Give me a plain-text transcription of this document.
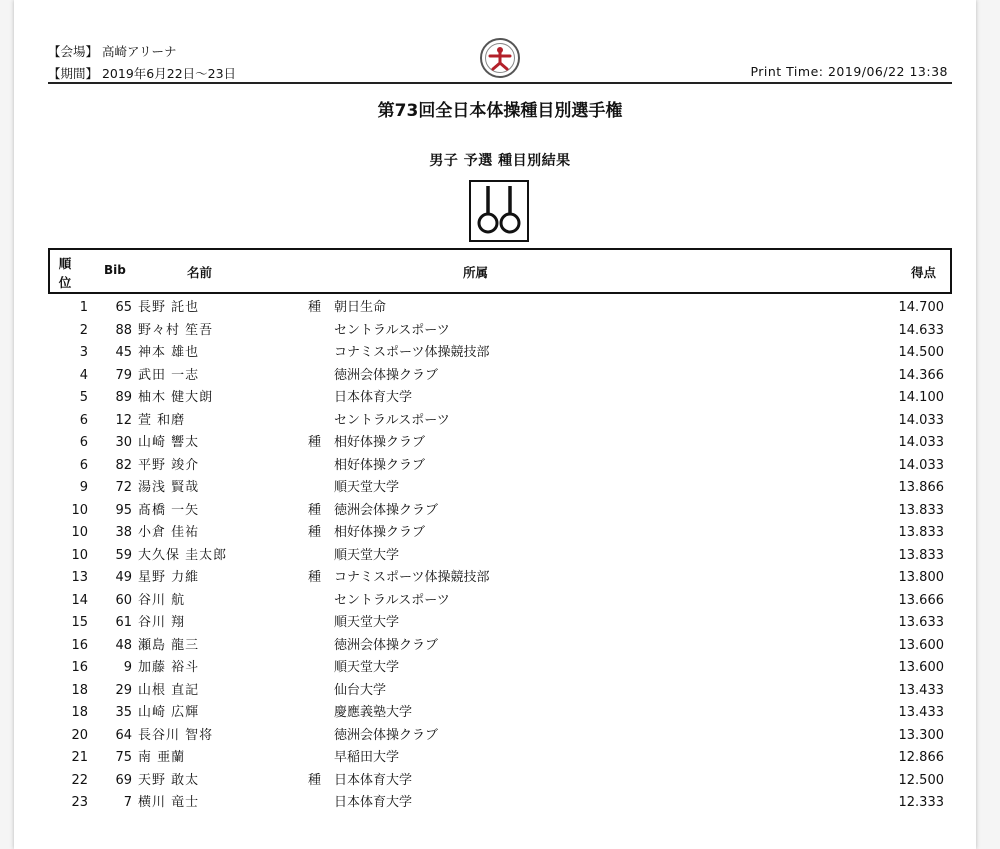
【会場】 高崎アリーナ
【期間】 2019年6月22日～23日	Print Time: 2019/06/22 13:38
第73回全日本体操種目別選手権
男子 予選 種目別結果
順位
Bib	名前	所属	得点
1	65 長野 託也	種 朝日生命	14.700
2	88 野々村 笙吾	セントラルスポーツ	14.633
3	45 神本 雄也	コナミスポーツ体操競技部	14.500
4	79 武田 一志	徳洲会体操クラブ	14.366
5	89 柚木 健大朗	日本体育大学	14.100
6	12 萱 和磨	セントラルスポーツ	14.033
6	30 山崎 響太	種 相好体操クラブ	14.033
6	82 平野 竣介	相好体操クラブ	14.033
9	72 湯浅 賢哉	順天堂大学	13.866
10	95 髙橋 一矢	種 徳洲会体操クラブ	13.833
10	38 小倉 佳祐	種 相好体操クラブ	13.833
10	59 大久保 圭太郎	順天堂大学	13.833
13	49 星野 力維	種 コナミスポーツ体操競技部	13.800
14	60 谷川 航	セントラルスポーツ	13.666
15	61 谷川 翔	順天堂大学	13.633
16	48 瀬島 龍三	徳洲会体操クラブ	13.600
16	9 加藤 裕斗	順天堂大学	13.600
18	29 山根 直記	仙台大学	13.433
18	35 山崎 広輝	慶應義塾大学	13.433
20	64 長谷川 智将	徳洲会体操クラブ	13.300
21	75 南 亜蘭	早稲田大学	12.866
22	69 天野 敢太	種 日本体育大学	12.500
23	7 横川 竜士	日本体育大学	12.333
